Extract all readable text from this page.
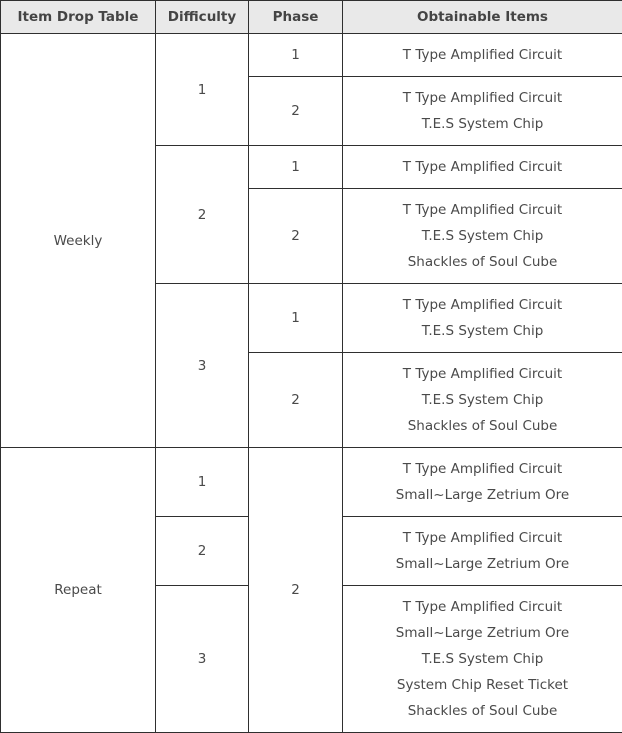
Item Drop Table	Difficulty	Phase	Obtainable Items
Weekly	1	1	T Type Amplified Circuit

		2	T Type Amplified Circuit
T.E.S System Chip

	2	1	T Type Amplified Circuit

		2	T Type Amplified Circuit
T.E.S System Chip
Shackles of Soul Cube

	3	1	T Type Amplified Circuit
T.E.S System Chip

		2	T Type Amplified Circuit
T.E.S System Chip
Shackles of Soul Cube

Repeat	1	2	T Type Amplified Circuit
Small~Large Zetrium Ore

	2		T Type Amplified Circuit
Small~Large Zetrium Ore

	3		T Type Amplified Circuit
Small~Large Zetrium Ore
T.E.S System Chip
System Chip Reset Ticket
Shackles of Soul Cube
